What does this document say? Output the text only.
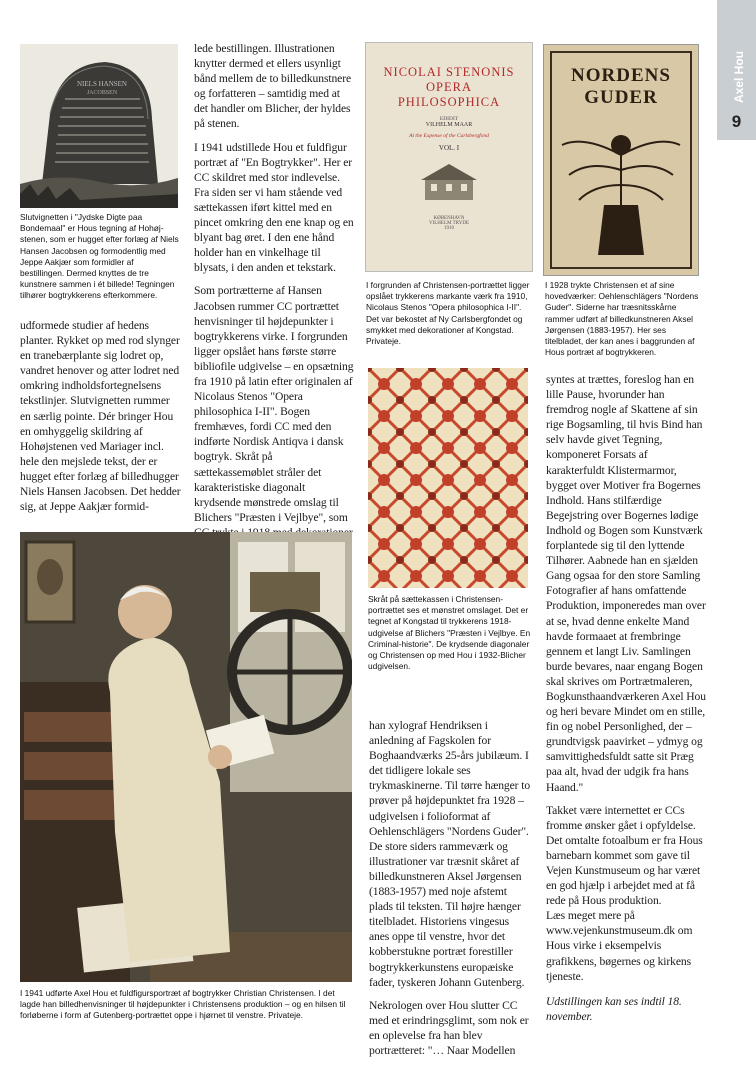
Axel Hou
9
NIELS HANSEN
JACOBSEN
Slutvignetten i "Jydske Digte paa Bondemaal" er Hous tegning af Hohøj-stenen, som er hugget efter forlæg af Niels Hansen Jacobsen og formodentlig med Jeppe Aakjær som formidler af bestillingen. Dermed knyttes de tre kunstnere sammen i ét billede! Tegningen tilhører bogtrykkerens efterkommere.
udformede studier af hedens planter. Rykket op med rod slynger en tranebærplante sig lodret op, vandret henover og atter lodret ned omkring indholdsfortegnelsens tekstlinjer. Slutvignetten rummer en særlig pointe. Dér bringer Hou en omhyggelig skildring af Hohøjstenen ved Mariager incl. hele den mejslede tekst, der er hugget efter forlæg af billedhugger Niels Hansen Jacobsen. Det hedder sig, at Jeppe Aakjær formid-

lede bestillingen. Illustrationen knytter dermed et ellers usynligt bånd mellem de to billedkunstnere og forfatteren – samtidig med at det handler om Blicher, der hyldes på stenen.

I 1941 udstillede Hou et fuldfigur portræt af "En Bogtrykker". Her er CC skildret med stor indlevelse. Fra siden ser vi ham stående ved sættekassen iført kittel med en pincet omkring den ene knap og en blyant bag øret. I den ene hånd holder han en vinkelhage til blysats, i den anden et tekstark.

Som portrætterne af Hansen Jacobsen rummer CC portrættet henvisninger til højdepunkter i bogtrykkerens virke. I forgrunden ligger opslået hans første større bibliofile udgivelse – en opsætning fra 1910 på latin efter originalen af Nicolaus Stenos "Opera philosophica I-II". Bogen fremhæves, fordi CC med den indførte Nordisk Antiqva i dansk bogtryk. Skråt på sættekassemøblet stråler det karakteristiske diagonalt krydsende mønstrede omslag til Blichers "Præsten i Vejlbye", som

I 1941 udførte Axel Hou et fuldfigursportræt af bogtrykker Christian Christensen. I det lagde han billedhenvisninger til højdepunkter i Christensens produktion – og en hilsen til forløberne i form af Gutenberg-portrættet oppe i hjørnet til venstre. Privateje.
NICOLAI STENONIS
OPERA
PHILOSOPHICA
EDIDIT
VILHELM MAAR
At the Expense of the Carlsbergfond
VOL. I
KØBENHAVN
VILHELM TRYDE
1910
I forgrunden af Christensen-portrættet ligger opslået trykkerens markante værk fra 1910, Nicolaus Stenos "Opera philosophica I-II". Det var bekostet af Ny Carlsbergfondet og smykket med dekorationer af Kongstad. Privateje.
NORDENS
GUDER
I 1928 trykte Christensen et af sine hovedværker: Oehlenschlägers "Nordens Guder". Siderne har træsnitsskårne rammer udført af billedkunstneren Aksel Jørgensen (1883-1957). Her ses titelbladet, der kan anes i baggrunden af Hous portræt af bogtrykkeren.
Skråt på sættekassen i Christensen-portrættet ses et mønstret omslaget. Det er tegnet af Kongstad til trykkerens 1918-udgivelse af Blichers "Præsten i Vejlbye. En Criminal-historie". De krydsende diagonaler og Christensen op med Hou i 1932-Blicher udgivelsen.

han xylograf Hendriksen i anledning af Fagskolen for Boghaandværks 25-års jubilæum. I det tidligere lokale ses trykmaskinerne. Til tørre hænger to prøver på højdepunktet fra 1928 – udgivelsen i folioformat af Oehlenschlägers "Nordens Guder". De store siders rammeværk og illustrationer var træsnit skåret af billedkunstneren Aksel Jørgensen (1883-1957) med noje afstemt plads til teksten. Til højre hænger titelbladet. Historiens vingesus anes oppe til venstre, hvor det kobberstukne portræt forestiller bogtrykkerkunstens europæiske fader, tyskeren Johann Gutenberg.

Nekrologen over Hou slutter CC med et erindringsglimt, som nok er en oplevelse fra han blev portrætteret: "… Naar Modellen

syntes at trættes, foreslog han en lille Pause, hvorunder han fremdrog nogle af Skattene af sin rige Bogsamling, til hvis Bind han selv havde givet Tegning, komponeret Forsats af karakterfuldt Klistermarmor, bygget over Motiver fra Bogernes Indhold. Hans stilfærdige Begejstring over Bogernes lødige Indhold og Bogen som Kunstværk forplantede sig til den lyttende Tilhører. Aabnede han en sjælden Gang ogsaa for den store Samling Fotografier af hans omfattende Produktion, imponeredes man over at se, hvad denne enkelte Mand havde formaaet at frembringe gennem et langt Liv. Samlingen burde bevares, naar engang Bogen skal skrives om Portrætmaleren, Bogkunsthaandværkeren Axel Hou og heri bevare Mindet om en stille, fin og nobel Personlighed, der – grundtvigsk paavirket – ydmyg og samvittighedsfuldt satte sit Præg paa alt, hvad der udgik fra hans Haand."

Takket være internettet er CCs fromme ønsker gået i opfyldelse. Det omtalte fotoalbum er fra Hous barnebarn kommet som gave til Vejen Kunstmuseum og har været en god hjælp i arbejdet med at få rede på Hous produktion.

Læs meget mere på www.vejenkunstmuseum.dk om Hous virke i eksempelvis grafikkens, bøgernes og kirkens tjeneste.

Udstillingen kan ses indtil 18. november.
